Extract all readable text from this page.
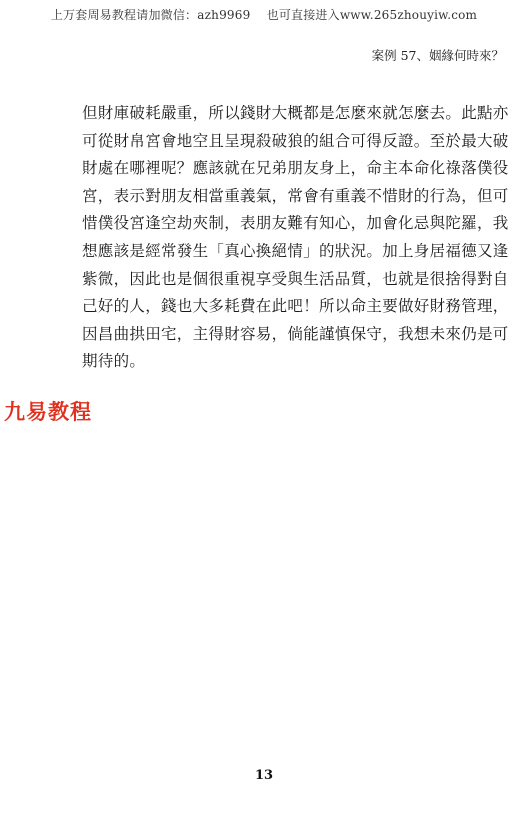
上万套周易教程请加微信：azh9969　 也可直接进入www.265zhouyiw.com
案例 57、姻緣何時來？
但財庫破耗嚴重，所以錢財大概都是怎麼來就怎麼去。此點亦
可從財帛宮會地空且呈現殺破狼的組合可得反證。至於最大破
財處在哪裡呢？應該就在兄弟朋友身上，命主本命化祿落僕役
宮，表示對朋友相當重義氣，常會有重義不惜財的行為，但可
惜僕役宮逢空劫夾制，表朋友難有知心，加會化忌與陀羅，我
想應該是經常發生「真心換絕情」的狀況。加上身居福德又逢
紫微，因此也是個很重視享受與生活品質，也就是很捨得對自
己好的人，錢也大多耗費在此吧！所以命主要做好財務管理，
因昌曲拱田宅，主得財容易，倘能謹慎保守，我想未來仍是可
期待的。
九易教程
13
